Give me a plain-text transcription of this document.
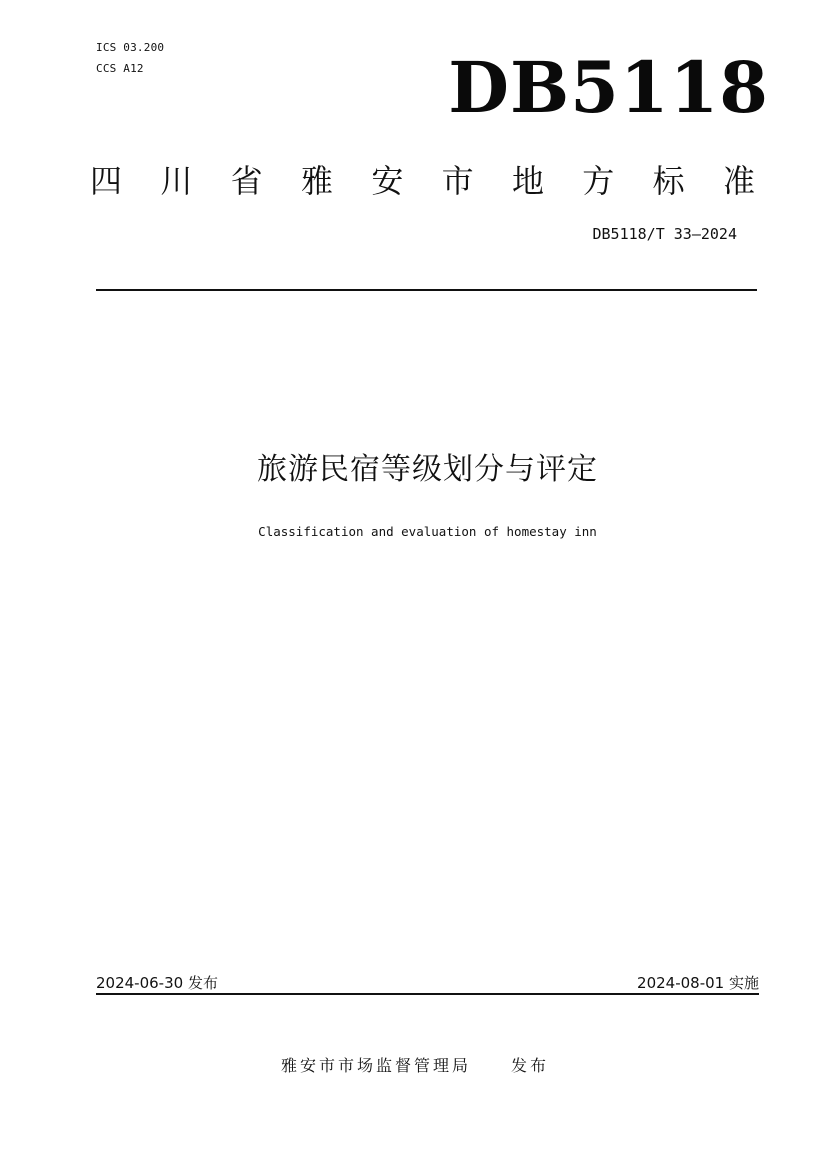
ICS 03.200
CCS A12	DB5118
四 川 省 雅 安 市 地 方 标 准
DB5118/T 33—2024
旅游民宿等级划分与评定
Classification and evaluation of homestay inn
2024-06-30 发布	2024-08-01 实施
雅安市市场监督管理局	发布
